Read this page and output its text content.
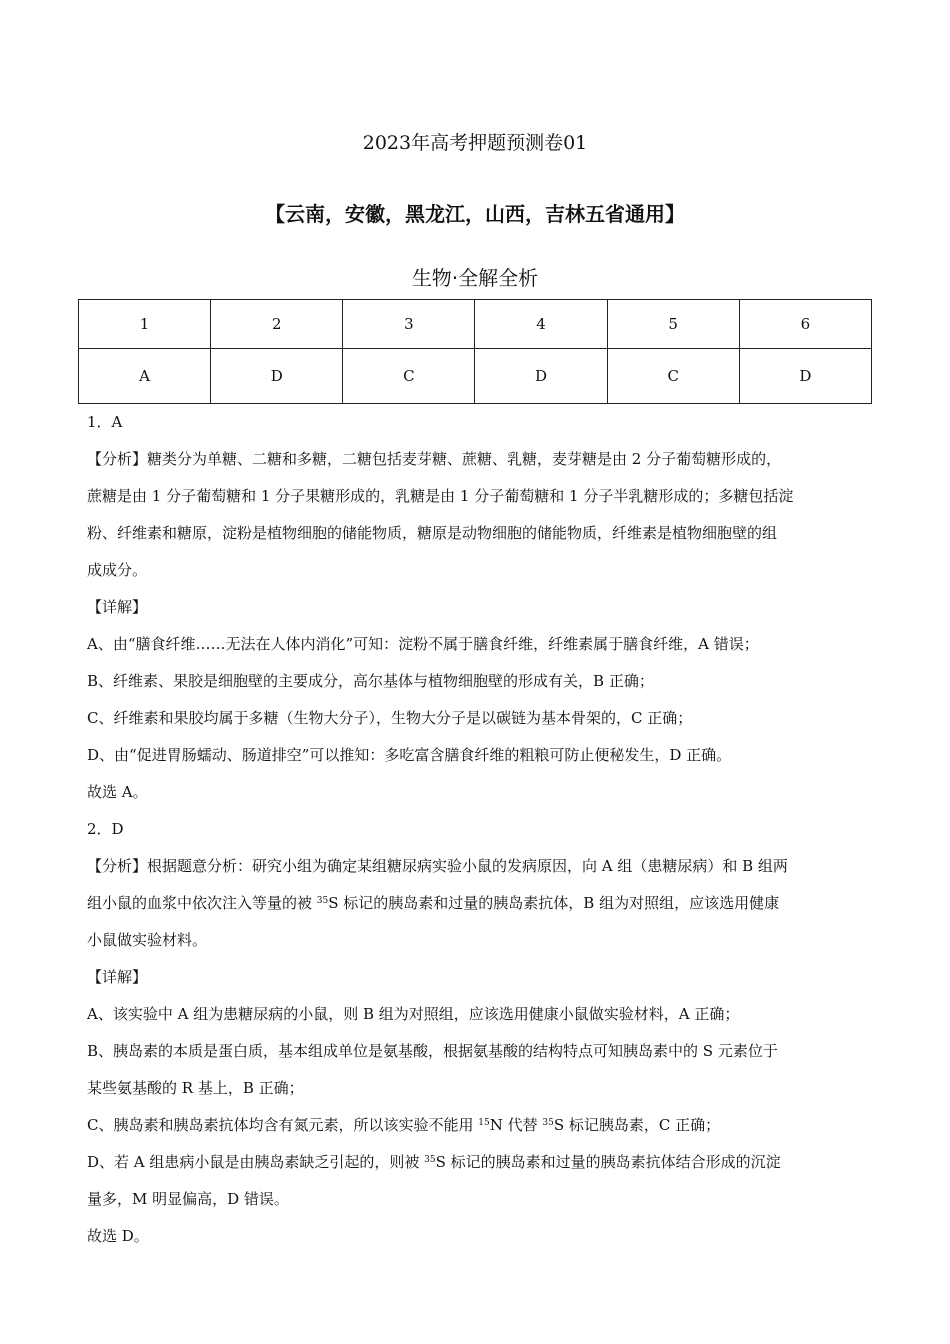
2023年高考押题预测卷01
【云南，安徽，黑龙江，山西，吉林五省通用】
生物·全解全析
1	2	3	4	5	6
A	D	C	D	C	D

1．A

【分析】糖类分为单糖、二糖和多糖，二糖包括麦芽糖、蔗糖、乳糖，麦芽糖是由 2 分子葡萄糖形成的，

蔗糖是由 1 分子葡萄糖和 1 分子果糖形成的，乳糖是由 1 分子葡萄糖和 1 分子半乳糖形成的；多糖包括淀

粉、纤维素和糖原，淀粉是植物细胞的储能物质，糖原是动物细胞的储能物质，纤维素是植物细胞壁的组

成成分。

【详解】

A、由“膳食纤维……无法在人体内消化”可知：淀粉不属于膳食纤维，纤维素属于膳食纤维，A 错误；

B、纤维素、果胶是细胞壁的主要成分，高尔基体与植物细胞壁的形成有关，B 正确；

C、纤维素和果胶均属于多糖（生物大分子），生物大分子是以碳链为基本骨架的，C 正确；

D、由“促进胃肠蠕动、肠道排空”可以推知：多吃富含膳食纤维的粗粮可防止便秘发生，D 正确。

故选 A。

2．D

【分析】根据题意分析：研究小组为确定某组糖尿病实验小鼠的发病原因，向 A 组（患糖尿病）和 B 组两

组小鼠的血浆中依次注入等量的被 $^{35}$S 标记的胰岛素和过量的胰岛素抗体，B 组为对照组，应该选用健康

小鼠做实验材料。

【详解】

A、该实验中 A 组为患糖尿病的小鼠，则 B 组为对照组，应该选用健康小鼠做实验材料，A 正确；

B、胰岛素的本质是蛋白质，基本组成单位是氨基酸，根据氨基酸的结构特点可知胰岛素中的 S 元素位于

某些氨基酸的 R 基上，B 正确；

C、胰岛素和胰岛素抗体均含有氮元素，所以该实验不能用 $^{15}$N 代替 $^{35}$S 标记胰岛素，C 正确；

D、若 A 组患病小鼠是由胰岛素缺乏引起的，则被 $^{35}$S 标记的胰岛素和过量的胰岛素抗体结合形成的沉淀

量多，M 明显偏高，D 错误。

故选 D。
